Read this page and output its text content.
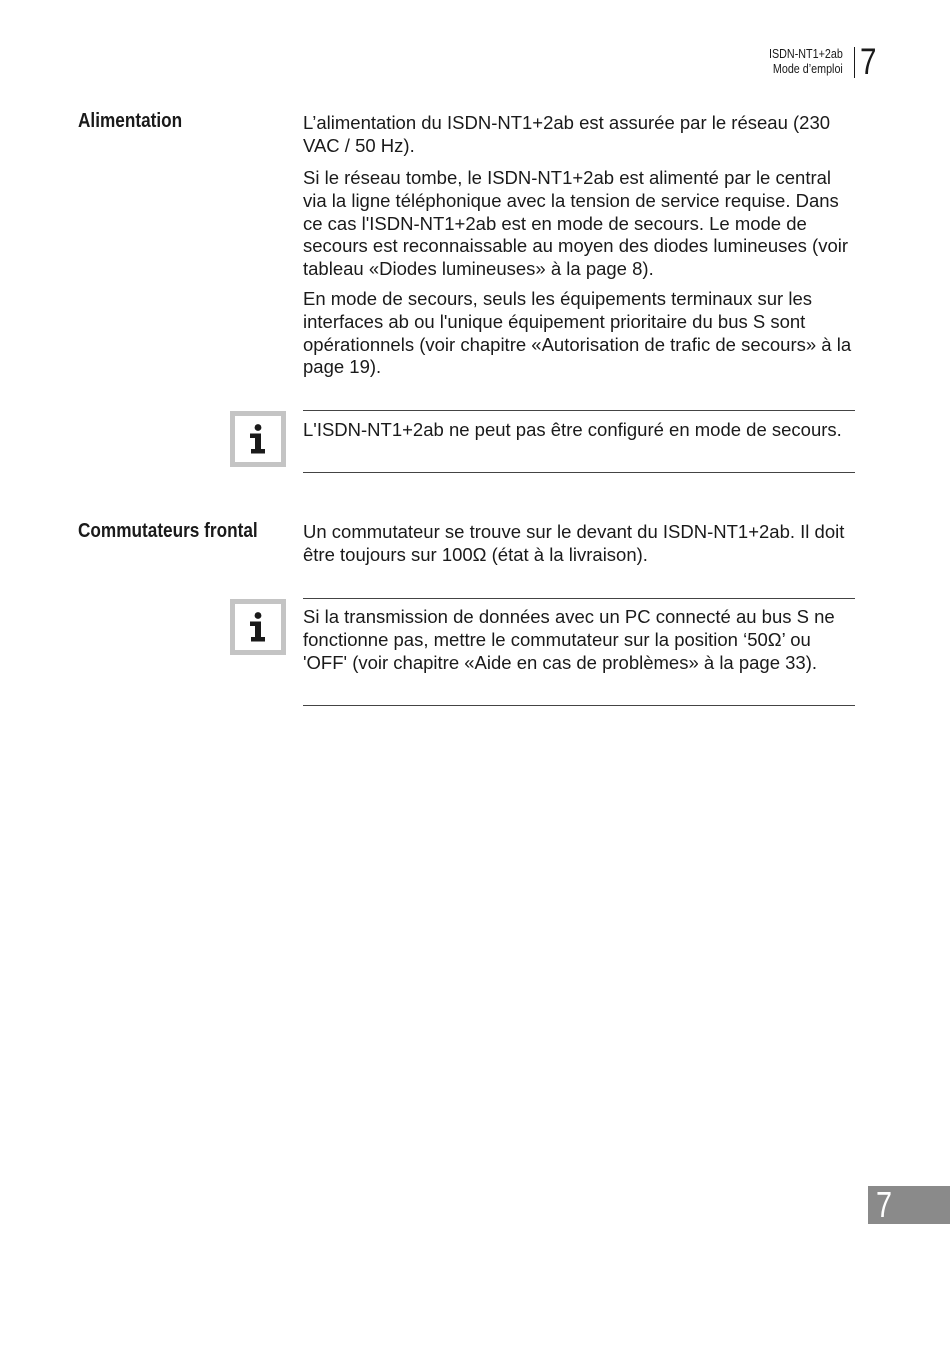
ISDN-NT1+2ab
Mode d’emploi 7
Alimentation	L’alimentation du ISDN-NT1+2ab est assurée par le réseau (230 VAC / 50 Hz).

Si le réseau tombe, le ISDN-NT1+2ab est alimenté par le central via la ligne téléphonique avec la tension de service requise. Dans ce cas l'ISDN-NT1+2ab est en mode de secours. Le mode de secours est reconnaissable au moyen des diodes lumineuses (voir tableau «Diodes lumineuses» à la page 8).

En mode de secours, seuls les équipements terminaux sur les interfaces ab ou l'unique équipement prioritaire du bus S sont opérationnels (voir chapitre «Autorisation de trafic de secours» à la page 19).

L'ISDN-NT1+2ab ne peut pas être configuré en mode de secours.

Commutateurs frontal Un commutateur se trouve sur le devant du ISDN-NT1+2ab. Il doit être toujours sur 100Ω (état à la livraison).

Si la transmission de données avec un PC connecté au bus S ne fonctionne pas, mettre le commutateur sur la position ‘50Ω’ ou 'OFF' (voir chapitre «Aide en cas de problèmes» à la page 33).

7
